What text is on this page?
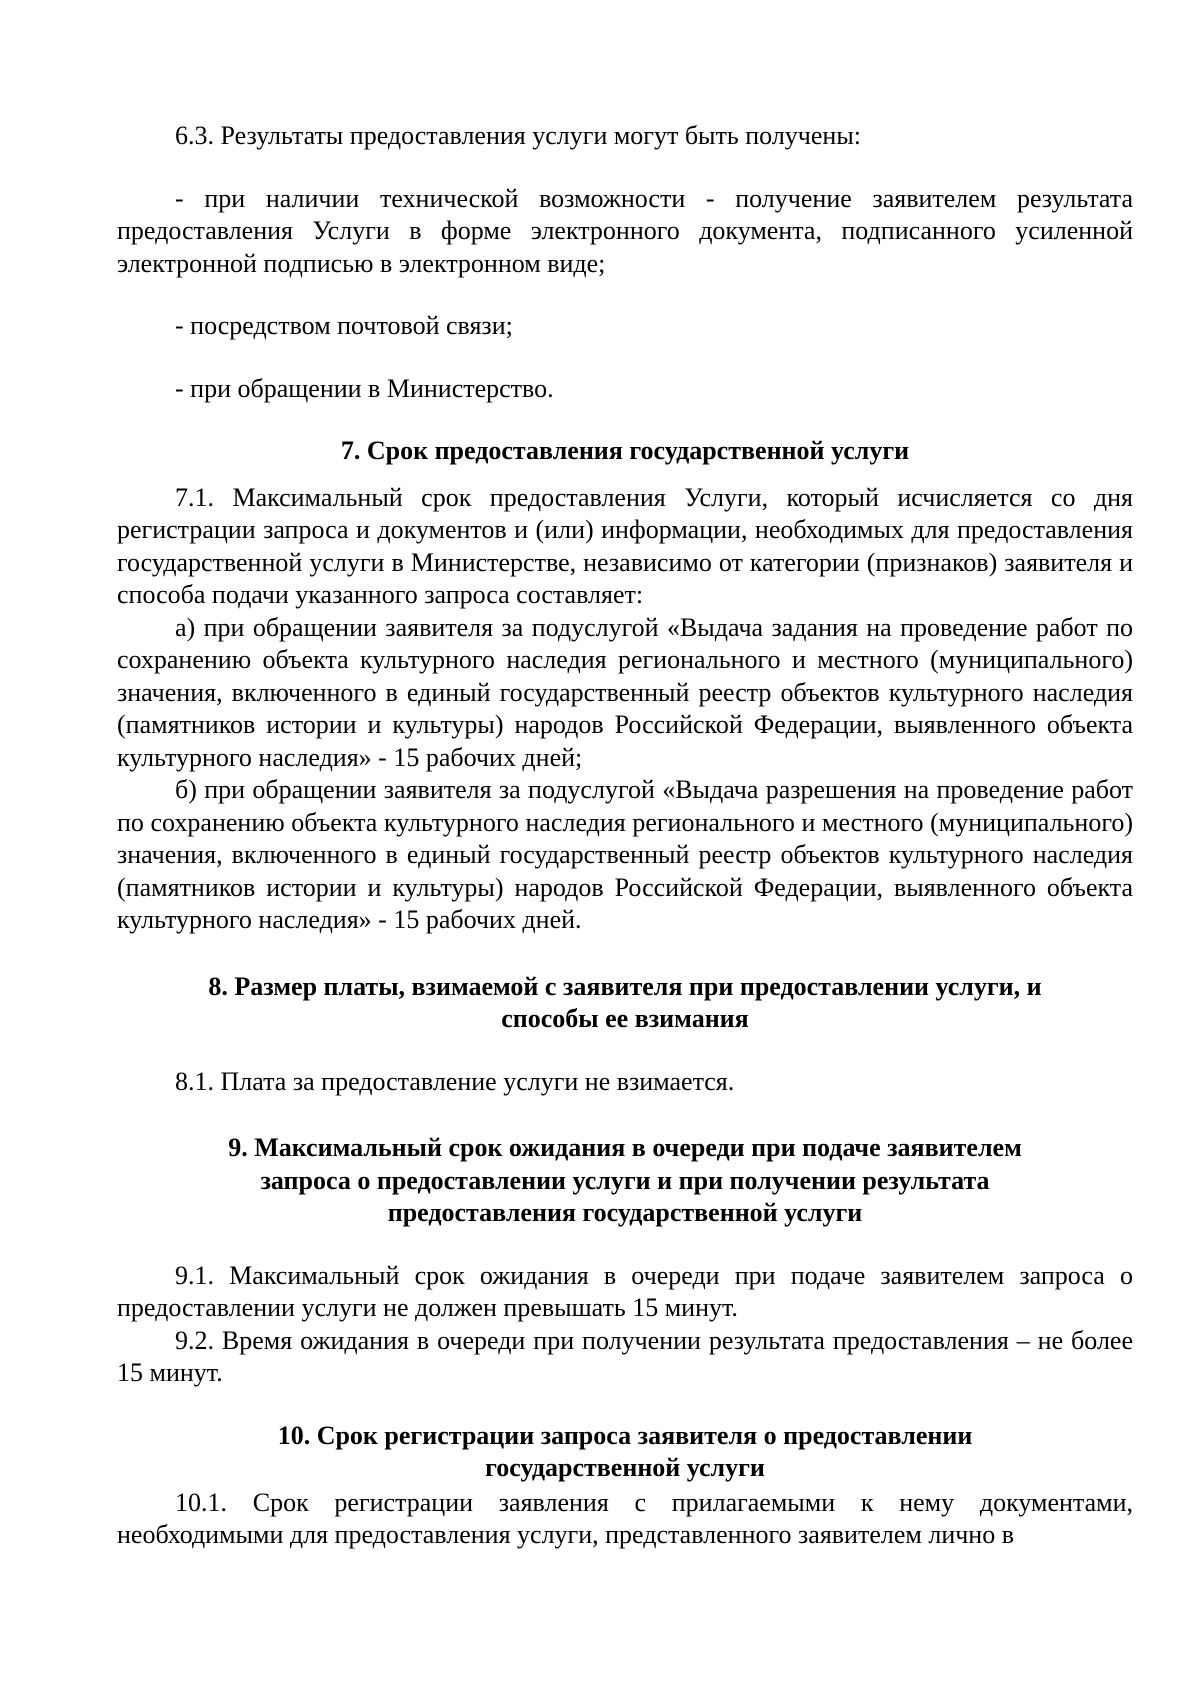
6.3. Результаты предоставления услуги могут быть получены:

- при наличии технической возможности - получение заявителем результата предоставления Услуги в форме электронного документа, подписанного усиленной электронной подписью в электронном виде;

- посредством почтовой связи;

- при обращении в Министерство.

7. Срок предоставления государственной услуги

7.1. Максимальный срок предоставления Услуги, который исчисляется со дня регистрации запроса и документов и (или) информации, необходимых для предоставления государственной услуги в Министерстве, независимо от категории (признаков) заявителя и способа подачи указанного запроса составляет:

а) при обращении заявителя за подуслугой «Выдача задания на проведение работ по сохранению объекта культурного наследия регионального и местного (муниципального) значения, включенного в единый государственный реестр объектов культурного наследия (памятников истории и культуры) народов Российской Федерации, выявленного объекта культурного наследия» - 15 рабочих дней;

б) при обращении заявителя за подуслугой «Выдача разрешения на проведение работ по сохранению объекта культурного наследия регионального и местного (муниципального) значения, включенного в единый государственный реестр объектов культурного наследия (памятников истории и культуры) народов Российской Федерации, выявленного объекта культурного наследия» - 15 рабочих дней.

8. Размер платы, взимаемой с заявителя при предоставлении услуги, и
способы ее взимания

8.1. Плата за предоставление услуги не взимается.

9. Максимальный срок ожидания в очереди при подаче заявителем
запроса о предоставлении услуги и при получении результата
предоставления государственной услуги

9.1. Максимальный срок ожидания в очереди при подаче заявителем запроса о предоставлении услуги не должен превышать 15 минут.

9.2. Время ожидания в очереди при получении результата предоставления – не более 15 минут.

10. Срок регистрации запроса заявителя о предоставлении
государственной услуги

10.1. Срок регистрации заявления с прилагаемыми к нему документами, необходимыми для предоставления услуги, представленного заявителем лично в
